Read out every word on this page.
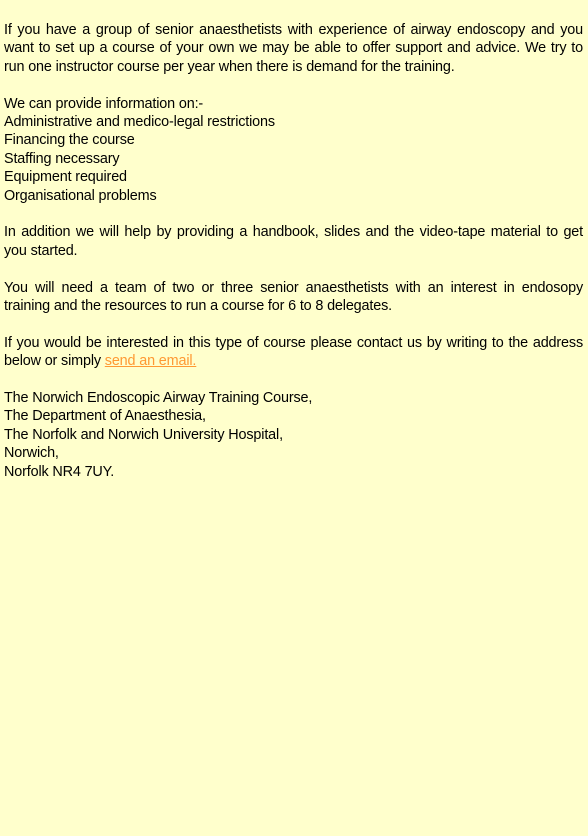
If you have a group of senior anaesthetists with experience of airway endoscopy and you want to set up a course of your own we may be able to offer support and advice. We try to run one instructor course per year when there is demand for the training.

We can provide information on:-
Administrative and medico-legal restrictions
Financing the course
Staffing necessary
Equipment required
Organisational problems

In addition we will help by providing a handbook, slides and the video-tape material to get you started.

You will need a team of two or three senior anaesthetists with an interest in endosopy training and the resources to run a course for 6 to 8 delegates.

If you would be interested in this type of course please contact us by writing to the address below or simply send an email.

The Norwich Endoscopic Airway Training Course,
The Department of Anaesthesia,
The Norfolk and Norwich University Hospital,
Norwich,
Norfolk NR4 7UY.
